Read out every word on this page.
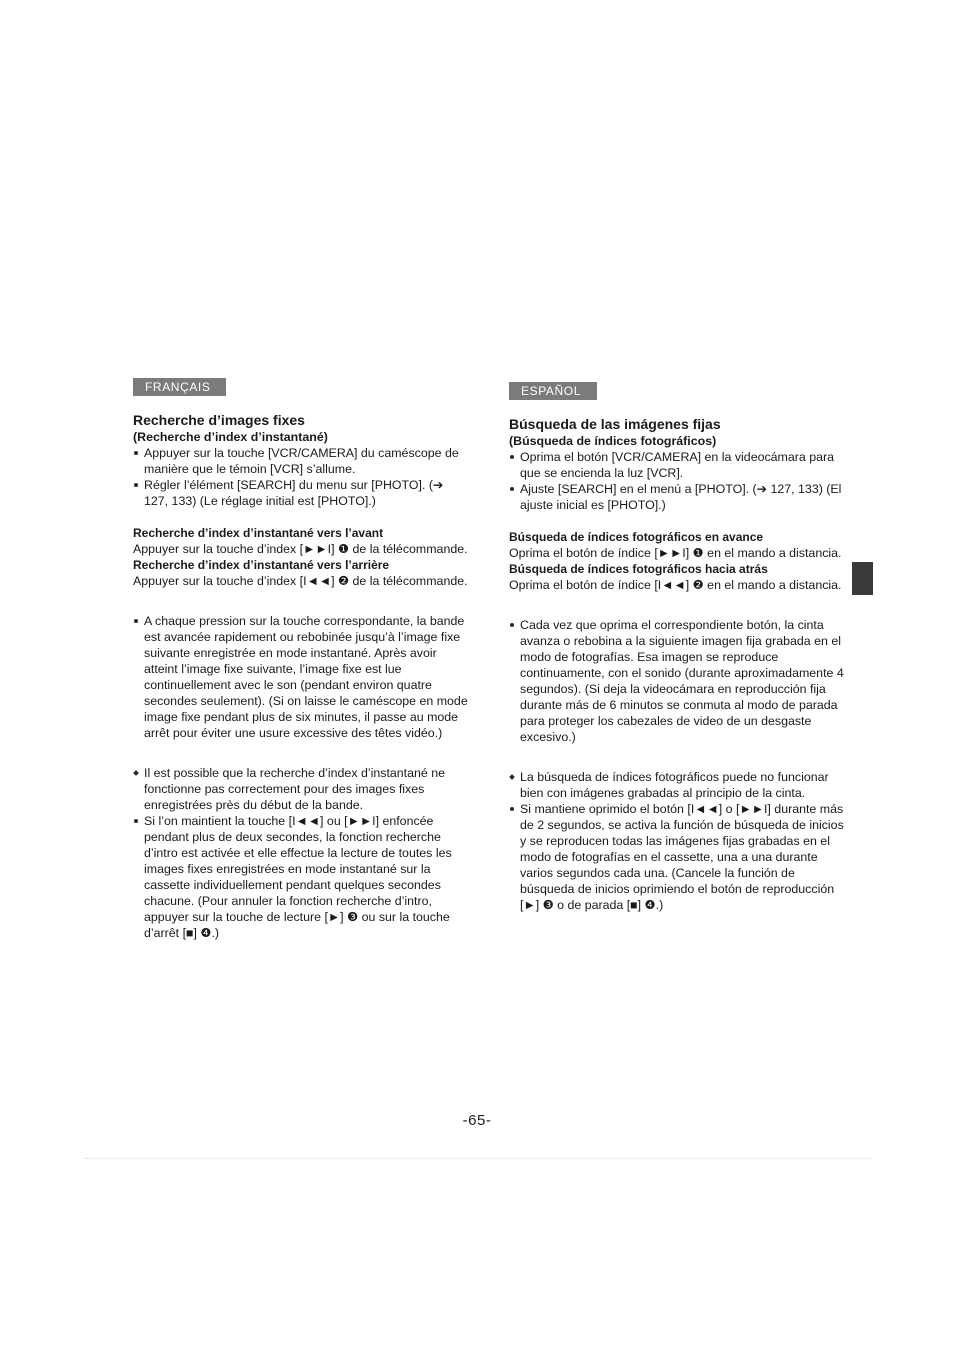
FRANÇAIS

Recherche d’images fixes

(Recherche d’index d’instantané)

Appuyer sur la touche [VCR/CAMERA] du caméscope de manière que le témoin [VCR] s’allume.

Régler l’élément [SEARCH] du menu sur [PHOTO]. (➔ 127, 133) (Le réglage initial est [PHOTO].)

Recherche d’index d’instantané vers l’avant

Appuyer sur la touche d’index [►►I] ❶ de la télécommande.

Recherche d’index d’instantané vers l’arrière

Appuyer sur la touche d’index [I◄◄] ❷ de la télécommande.

A chaque pression sur la touche correspondante, la bande est avancée rapidement ou rebobinée jusqu’à l’image fixe suivante enregistrée en mode instantané. Après avoir atteint l’image fixe suivante, l’image fixe est lue continuellement avec le son (pendant environ quatre secondes seulement). (Si on laisse le caméscope en mode image fixe pendant plus de six minutes, il passe au mode arrêt pour éviter une usure excessive des têtes vidéo.)

Il est possible que la recherche d’index d’instantané ne fonctionne pas correctement pour des images fixes enregistrées près du début de la bande.

Si l’on maintient la touche [I◄◄] ou [►►I] enfoncée pendant plus de deux secondes, la fonction recherche d’intro est activée et elle effectue la lecture de toutes les images fixes enregistrées en mode instantané sur la cassette individuellement pendant quelques secondes chacune. (Pour annuler la fonction recherche d’intro, appuyer sur la touche de lecture [►] ❸ ou sur la touche d’arrêt [■] ❹.)

ESPAÑOL

Búsqueda de las imágenes fijas

(Búsqueda de índices fotográficos)

Oprima el botón [VCR/CAMERA] en la videocámara para que se encienda la luz [VCR].

Ajuste [SEARCH] en el menú a [PHOTO]. (➔ 127, 133) (El ajuste inicial es [PHOTO].)

Búsqueda de índices fotográficos en avance

Oprima el botón de índice [►►I] ❶ en el mando a distancia.

Búsqueda de índices fotográficos hacia atrás

Oprima el botón de índice [I◄◄] ❷ en el mando a distancia.

Cada vez que oprima el correspondiente botón, la cinta avanza o rebobina a la siguiente imagen fija grabada en el modo de fotografías. Esa imagen se reproduce continuamente, con el sonido (durante aproximadamente 4 segundos). (Si deja la videocámara en reproducción fija durante más de 6 minutos se conmuta al modo de parada para proteger los cabezales de video de un desgaste excesivo.)

La búsqueda de índices fotográficos puede no funcionar bien con imágenes grabadas al principio de la cinta.

Si mantiene oprimido el botón [I◄◄] o [►►I] durante más de 2 segundos, se activa la función de búsqueda de inicios y se reproducen todas las imágenes fijas grabadas en el modo de fotografías en el cassette, una a una durante varios segundos cada una. (Cancele la función de búsqueda de inicios oprimiendo el botón de reproducción [►] ❸ o de parada [■] ❹.)

-65-
